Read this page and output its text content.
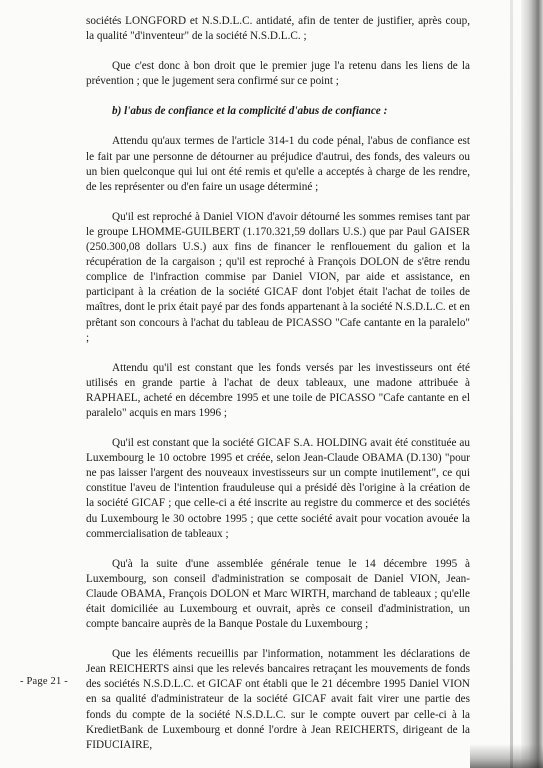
sociétés LONGFORD et N.S.D.L.C. antidaté, afin de tenter de justifier, après coup, la qualité "d'inventeur" de la société N.S.D.L.C. ;

Que c'est donc à bon droit que le premier juge l'a retenu dans les liens de la prévention ; que le jugement sera confirmé sur ce point ;

b) l'abus de confiance et la complicité d'abus de confiance :

Attendu qu'aux termes de l'article 314-1 du code pénal, l'abus de confiance est le fait par une personne de détourner au préjudice d'autrui, des fonds, des valeurs ou un bien quelconque qui lui ont été remis et qu'elle a acceptés à charge de les rendre, de les représenter ou d'en faire un usage déterminé ;

Qu'il est reproché à Daniel VION d'avoir détourné les sommes remises tant par le groupe LHOMME-GUILBERT (1.170.321,59 dollars U.S.) que par Paul GAISER (250.300,08 dollars U.S.) aux fins de financer le renflouement du galion et la récupération de la cargaison ; qu'il est reproché à François DOLON de s'être rendu complice de l'infraction commise par Daniel VION, par aide et assistance, en participant à la création de la société GICAF dont l'objet était l'achat de toiles de maîtres, dont le prix était payé par des fonds appartenant à la société N.S.D.L.C. et en prêtant son concours à l'achat du tableau de PICASSO "Cafe cantante en la paralelo" ;

Attendu qu'il est constant que les fonds versés par les investisseurs ont été utilisés en grande partie à l'achat de deux tableaux, une madone attribuée à RAPHAEL, acheté en décembre 1995 et une toile de PICASSO "Cafe cantante en el paralelo" acquis en mars 1996 ;

Qu'il est constant que la société GICAF S.A. HOLDING avait été constituée au Luxembourg le 10 octobre 1995 et créée, selon Jean-Claude OBAMA (D.130) "pour ne pas laisser l'argent des nouveaux investisseurs sur un compte inutilement", ce qui constitue l'aveu de l'intention frauduleuse qui a présidé dès l'origine à la création de la société GICAF ; que celle-ci a été inscrite au registre du commerce et des sociétés du Luxembourg le 30 octobre 1995 ; que cette société avait pour vocation avouée la commercialisation de tableaux ;

Qu'à la suite d'une assemblée générale tenue le 14 décembre 1995 à Luxembourg, son conseil d'administration se composait de Daniel VION, Jean-Claude OBAMA, François DOLON et Marc WIRTH, marchand de tableaux ; qu'elle était domiciliée au Luxembourg et ouvrait, après ce conseil d'administration, un compte bancaire auprès de la Banque Postale du Luxembourg ;

Que les éléments recueillis par l'information, notamment les déclarations de Jean REICHERTS ainsi que les relevés bancaires retraçant les mouvements de fonds des sociétés N.S.D.L.C. et GICAF ont établi que le 21 décembre 1995 Daniel VION en sa qualité d'administrateur de la société GICAF avait fait virer une partie des fonds du compte de la société N.S.D.L.C. sur le compte ouvert par celle-ci à la KredietBank de Luxembourg et donné l'ordre à Jean REICHERTS, dirigeant de la FIDUCIAIRE,

- Page 21 -
